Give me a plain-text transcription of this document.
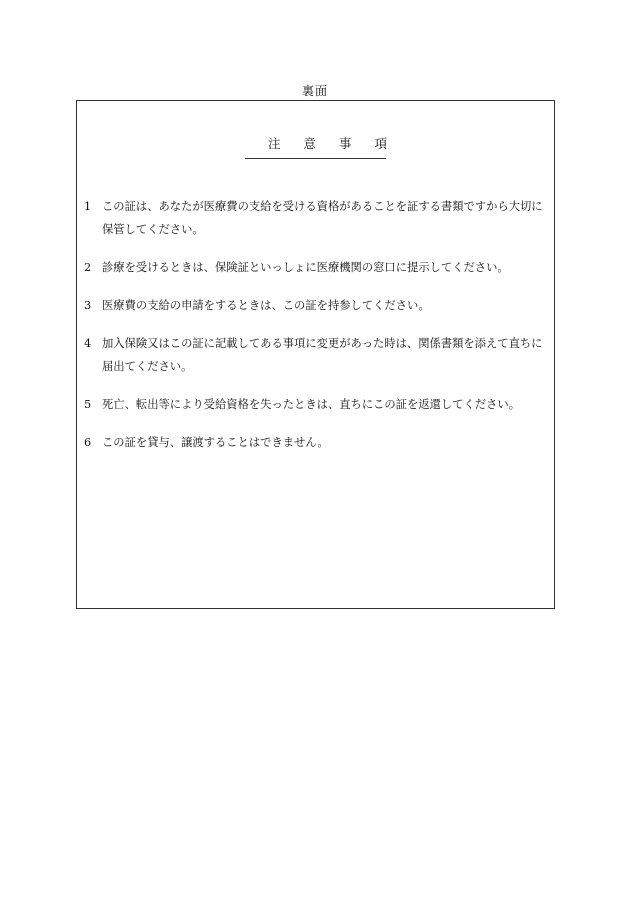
裏面
注意事項
1 この証は、あなたが医療費の支給を受ける資格があることを証する書類ですから大切に保管してください。
2 診療を受けるときは、保険証といっしょに医療機関の窓口に提示してください。
3 医療費の支給の申請をするときは、この証を持参してください。
4 加入保険又はこの証に記載してある事項に変更があった時は、関係書類を添えて直ちに届出てください。
5 死亡、転出等により受給資格を失ったときは、直ちにこの証を返還してください。
6 この証を貸与、譲渡することはできません。
